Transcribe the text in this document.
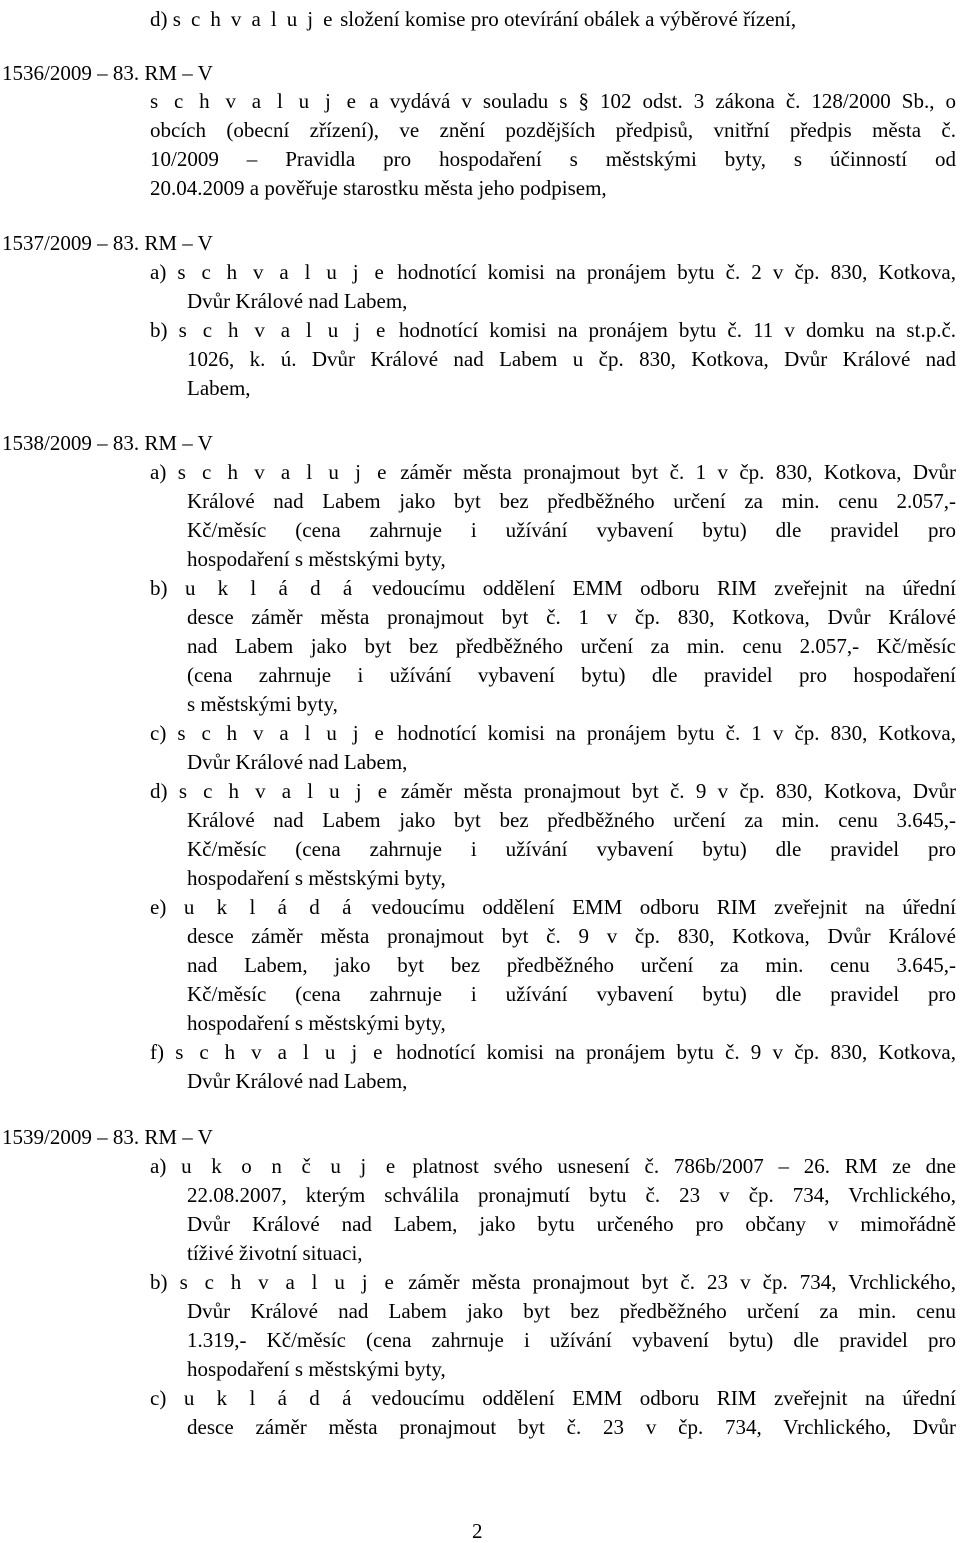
d) s c h v a l u j e složení komise pro otevírání obálek a výběrové řízení,
1536/2009 – 83. RM – V
s c h v a l u j e a vydává v souladu s § 102 odst. 3 zákona č. 128/2000 Sb., o
obcích (obecní zřízení), ve znění pozdějších předpisů, vnitřní předpis města č.
10/2009 – Pravidla pro hospodaření s městskými byty, s účinností od
20.04.2009 a pověřuje starostku města jeho podpisem,
1537/2009 – 83. RM – V
a) s c h v a l u j e hodnotící komisi na pronájem bytu č. 2 v čp. 830, Kotkova,
Dvůr Králové nad Labem,
b) s c h v a l u j e hodnotící komisi na pronájem bytu č. 11 v domku na st.p.č.
1026, k. ú. Dvůr Králové nad Labem u čp. 830, Kotkova, Dvůr Králové nad
Labem,
1538/2009 – 83. RM – V
a) s c h v a l u j e záměr města pronajmout byt č. 1 v čp. 830, Kotkova, Dvůr
Králové nad Labem jako byt bez předběžného určení za min. cenu 2.057,-
Kč/měsíc (cena zahrnuje i užívání vybavení bytu) dle pravidel pro
hospodaření s městskými byty,
b) u k l á d á vedoucímu oddělení EMM odboru RIM zveřejnit na úřední
desce záměr města pronajmout byt č. 1 v čp. 830, Kotkova, Dvůr Králové
nad Labem jako byt bez předběžného určení za min. cenu 2.057,- Kč/měsíc
(cena zahrnuje i užívání vybavení bytu) dle pravidel pro hospodaření
s městskými byty,
c) s c h v a l u j e hodnotící komisi na pronájem bytu č. 1 v čp. 830, Kotkova,
Dvůr Králové nad Labem,
d) s c h v a l u j e záměr města pronajmout byt č. 9 v čp. 830, Kotkova, Dvůr
Králové nad Labem jako byt bez předběžného určení za min. cenu 3.645,-
Kč/měsíc (cena zahrnuje i užívání vybavení bytu) dle pravidel pro
hospodaření s městskými byty,
e) u k l á d á vedoucímu oddělení EMM odboru RIM zveřejnit na úřední
desce záměr města pronajmout byt č. 9 v čp. 830, Kotkova, Dvůr Králové
nad Labem, jako byt bez předběžného určení za min. cenu 3.645,-
Kč/měsíc (cena zahrnuje i užívání vybavení bytu) dle pravidel pro
hospodaření s městskými byty,
f) s c h v a l u j e hodnotící komisi na pronájem bytu č. 9 v čp. 830, Kotkova,
Dvůr Králové nad Labem,
1539/2009 – 83. RM – V
a) u k o n č u j e platnost svého usnesení č. 786b/2007 – 26. RM ze dne
22.08.2007, kterým schválila pronajmutí bytu č. 23 v čp. 734, Vrchlického,
Dvůr Králové nad Labem, jako bytu určeného pro občany v mimořádně
tíživé životní situaci,
b) s c h v a l u j e záměr města pronajmout byt č. 23 v čp. 734, Vrchlického,
Dvůr Králové nad Labem jako byt bez předběžného určení za min. cenu
1.319,- Kč/měsíc (cena zahrnuje i užívání vybavení bytu) dle pravidel pro
hospodaření s městskými byty,
c) u k l á d á vedoucímu oddělení EMM odboru RIM zveřejnit na úřední
desce záměr města pronajmout byt č. 23 v čp. 734, Vrchlického, Dvůr
2
